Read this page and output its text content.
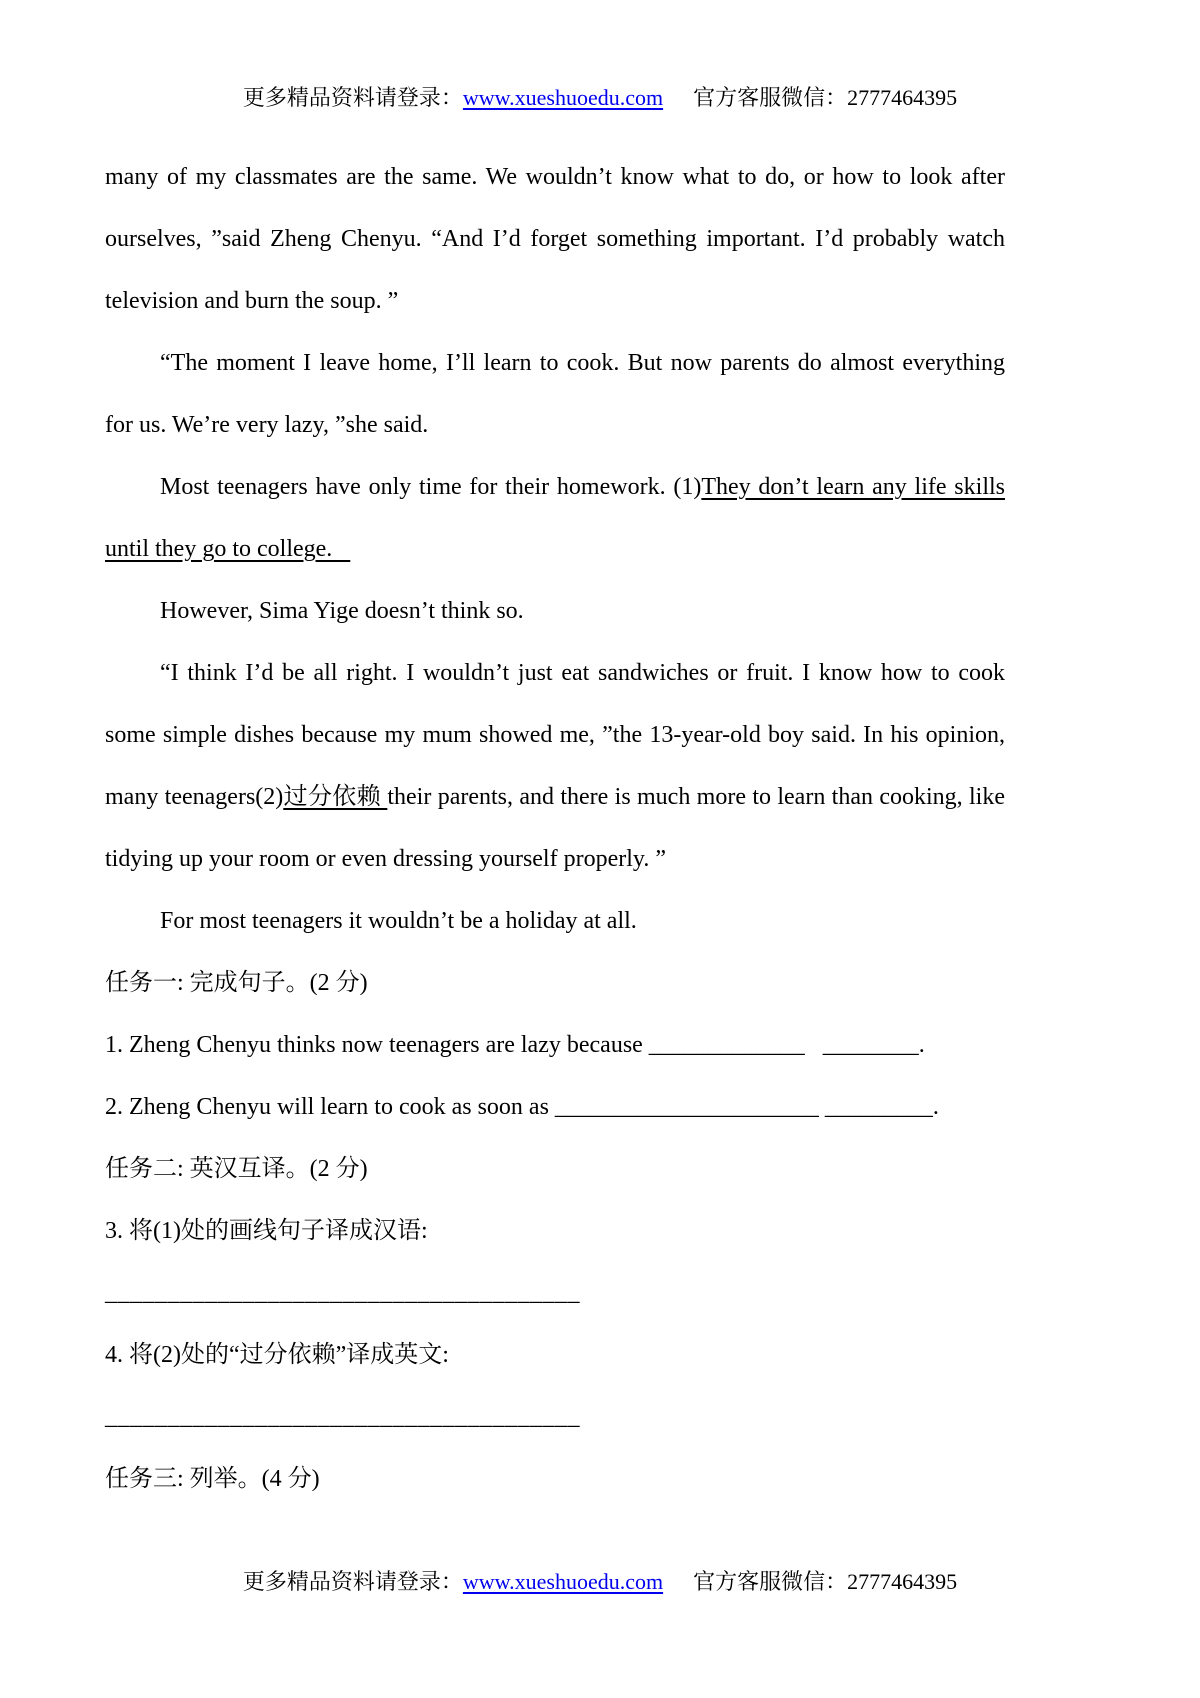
更多精品资料请登录：www.xueshuoedu.com 官方客服微信：2777464395

many of my classmates are the same. We wouldn’t know what to do, or how to look after ourselves, ”said Zheng Chenyu. “And I’d forget something important. I’d probably watch television and burn the soup. ”

“The moment I leave home, I’ll learn to cook. But now parents do almost everything for us. We’re very lazy, ”she said.

Most teenagers have only time for their homework. (1)They don’t learn any life skills until they go to college.

However, Sima Yige doesn’t think so.

“I think I’d be all right. I wouldn’t just eat sandwiches or fruit. I know how to cook some simple dishes because my mum showed me, ”the 13-year-old boy said. In his opinion, many teenagers(2)过分依赖 their parents, and there is much more to learn than cooking, like tidying up your room or even dressing yourself properly. ”

For most teenagers it wouldn’t be a holiday at all.

任务一: 完成句子。(2 分)

1. Zheng Chenyu thinks now teenagers are lazy because _____________   ________.

2. Zheng Chenyu will learn to cook as soon as ______________________ _________.

任务二: 英汉互译。(2 分)

3. 将(1)处的画线句子译成汉语:

______________________________________

4. 将(2)处的“过分依赖”译成英文:

______________________________________

任务三: 列举。(4 分)

更多精品资料请登录：www.xueshuoedu.com 官方客服微信：2777464395
